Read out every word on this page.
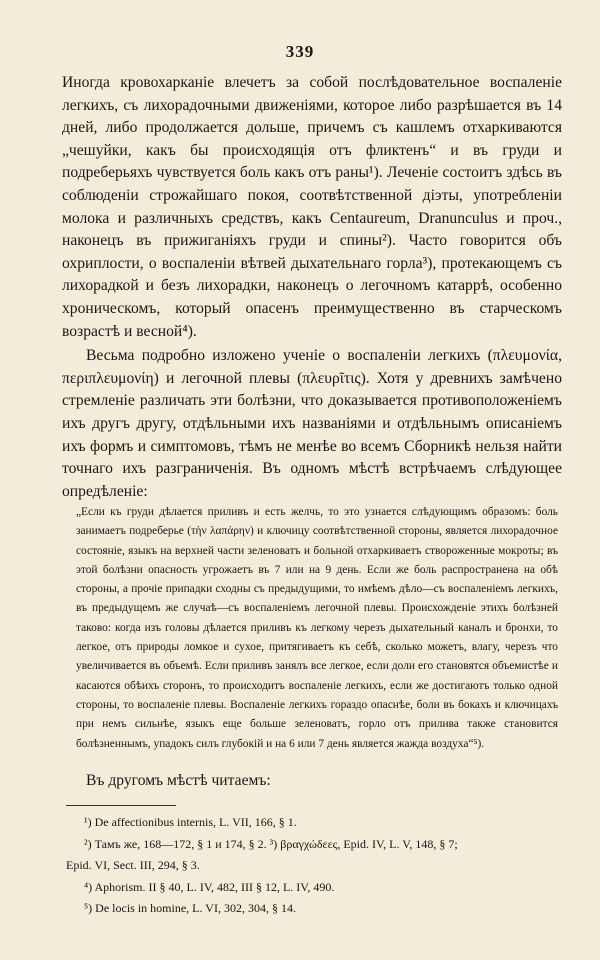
339

Иногда кровохарканіе влечетъ за собой послѣдовательное воспаленіе легкихъ, съ лихорадочными движеніями, которое либо разрѣшается въ 14 дней, либо продолжается дольше, причемъ съ кашлемъ отхаркиваются „чешуйки, какъ бы происходящія отъ фликтенъ“ и въ груди и подреберьяхъ чувствуется боль какъ отъ раны¹). Леченіе состоитъ здѣсь въ соблюденіи строжайшаго покоя, соотвѣтственной діэты, употребленіи молока и различныхъ средствъ, какъ Centaureum, Dranunculus и проч., наконецъ въ прижиганіяхъ груди и спины²). Часто говорится объ охриплости, о воспаленіи вѣтвей дыхательнаго горла³), протекающемъ съ лихорадкой и безъ лихорадки, наконецъ о легочномъ катаррѣ, особенно хроническомъ, который опасенъ преимущественно въ старческомъ возрастѣ и весной⁴).

Весьма подробно изложено ученіе о воспаленіи легкихъ (πλευμονία, περιπλευμονίη) и легочной плевы (πλευρῖτις). Хотя у древнихъ замѣчено стремленіе различать эти болѣзни, что доказывается противоположеніемъ ихъ другъ другу, отдѣльными ихъ названіями и отдѣльнымъ описаніемъ ихъ формъ и симптомовъ, тѣмъ не менѣе во всемъ Сборникѣ нельзя найти точнаго ихъ разграниченія. Въ одномъ мѣстѣ встрѣчаемъ слѣдующее опредѣленіе:

„Если къ груди дѣлается приливъ и есть желчь, то это узнается слѣдующимъ образомъ: боль занимаетъ подреберье (τὴν λαπάρην) и ключицу соотвѣтственной стороны, является лихорадочное состояніе, языкъ на верхней части зеленоватъ и больной отхаркиваетъ створоженные мокроты; въ этой болѣзни опасность угрожаетъ въ 7 или на 9 день. Если же боль распространена на обѣ стороны, а прочіе припадки сходны съ предыдущими, то имѣемъ дѣло—съ воспаленіемъ легкихъ, въ предыдущемъ же случаѣ—съ воспаленіемъ легочной плевы. Происхожденіе этихъ болѣзней таково: когда изъ головы дѣлается приливъ къ легкому черезъ дыхательный каналъ и бронхи, то легкое, отъ природы ломкое и сухое, притягиваетъ къ себѣ, сколько можетъ, влагу, черезъ что увеличивается въ объемѣ. Если приливъ занялъ все легкое, если доли его становятся объемистѣе и касаются обѣихъ сторонъ, то происходитъ воспаленіе легкихъ, если же достигаютъ только одной стороны, то воспаленіе плевы. Воспаленіе легкихъ гораздо опаснѣе, боли въ бокахъ и ключицахъ при немъ сильнѣе, языкъ еще больше зеленоватъ, горло отъ прилива также становится болѣзненнымъ, упадокъ силъ глубокій и на 6 или 7 день является жажда воздуха“⁵).
Въ другомъ мѣстѣ читаемъ:
¹) De affectionibus internis, L. VII, 166, § 1.
²) Тамъ же, 168—172, § 1 и 174, § 2. ³) βραγχώδεες, Epid. IV, L. V, 148, § 7;
Epid. VI, Sect. III, 294, § 3.
⁴) Aphorism. II § 40, L. IV, 482, III § 12, L. IV, 490.
⁵) De locis in homine, L. VI, 302, 304, § 14.
